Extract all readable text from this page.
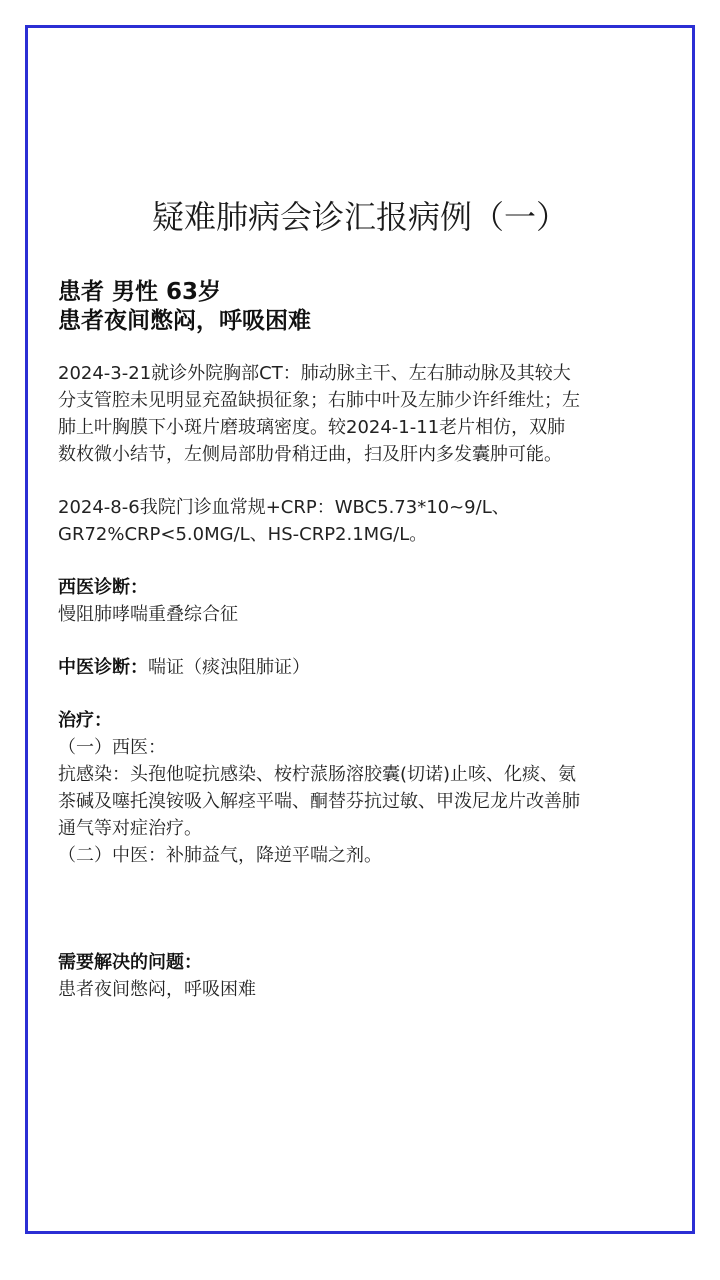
疑难肺病会诊汇报病例（一）

患者 男性 63岁

患者夜间憋闷，呼吸困难

2024-3-21就诊外院胸部CT：肺动脉主干、左右肺动脉及其较大
分支管腔未见明显充盈缺损征象；右肺中叶及左肺少许纤维灶；左
肺上叶胸膜下小斑片磨玻璃密度。较2024-1-11老片相仿，双肺
数枚微小结节，左侧局部肋骨稍迂曲，扫及肝内多发囊肿可能。

2024-8-6我院门诊血常规+CRP：WBC5.73*10~9/L、
GR72%CRP<5.0MG/L、HS-CRP2.1MG/L。

西医诊断：
慢阻肺哮喘重叠综合征

中医诊断：喘证（痰浊阻肺证）

治疗：
（一）西医：
抗感染：头孢他啶抗感染、桉柠蒎肠溶胶囊(切诺)止咳、化痰、氨
茶碱及噻托溴铵吸入解痉平喘、酮替芬抗过敏、甲泼尼龙片改善肺
通气等对症治疗。
（二）中医：补肺益气，降逆平喘之剂。

需要解决的问题：
患者夜间憋闷，呼吸困难
